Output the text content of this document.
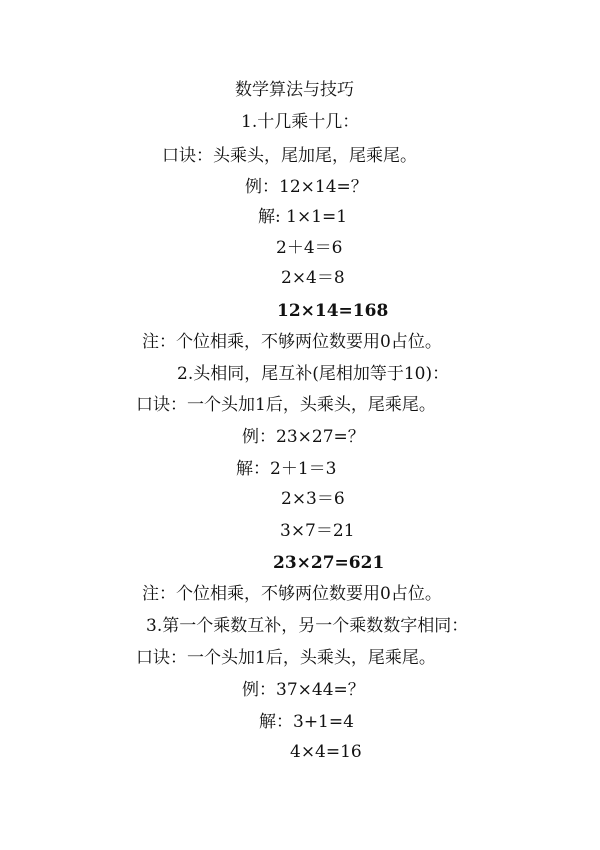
数学算法与技巧
1.十几乘十几：
口诀：头乘头，尾加尾，尾乘尾。
例：12×14=？
解: 1×1=1
2＋4＝6
2×4＝8
12×14=168
注：个位相乘，不够两位数要用0占位。
2.头相同，尾互补(尾相加等于10)：
口诀：一个头加1后，头乘头，尾乘尾。
例：23×27=？
解：2＋1＝3
2×3＝6
3×7＝21
23×27=621
注：个位相乘，不够两位数要用0占位。
3.第一个乘数互补，另一个乘数数字相同：
口诀：一个头加1后，头乘头，尾乘尾。
例：37×44=？
解：3+1=4
4×4=16
